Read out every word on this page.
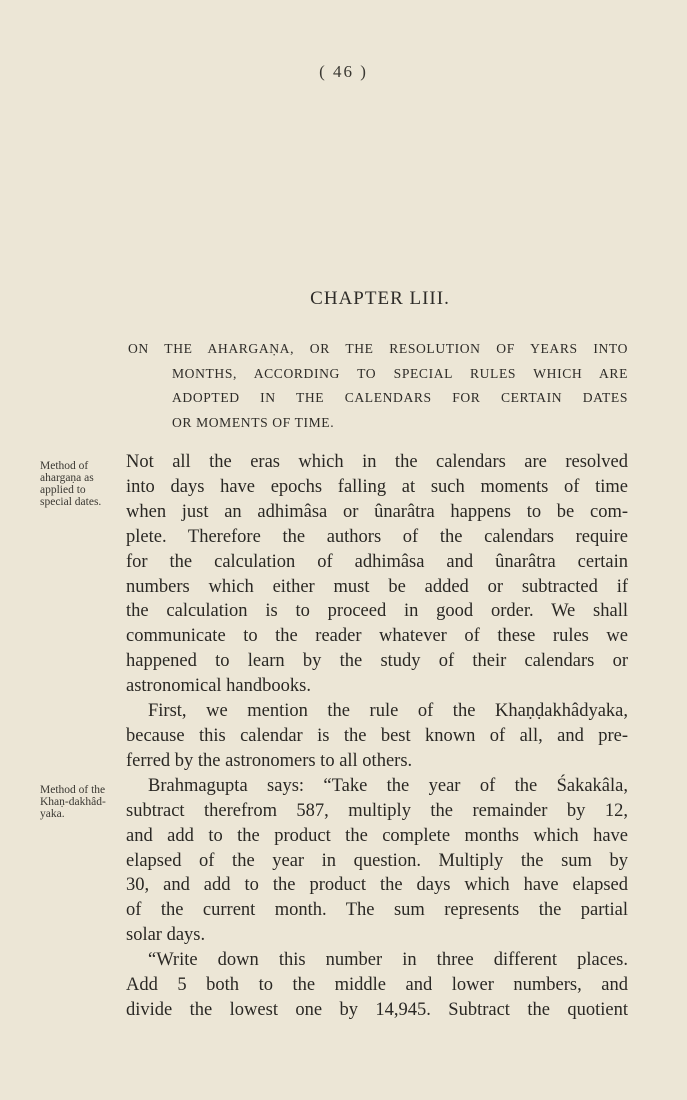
( 46 )
CHAPTER LIII.
ON THE AHARGAṆA, OR THE RESOLUTION OF YEARS INTO
MONTHS, ACCORDING TO SPECIAL RULES WHICH ARE
ADOPTED IN THE CALENDARS FOR CERTAIN DATES
OR MOMENTS OF TIME.
Method of ahargaṇa as applied to special dates.
Method of the Khaṇ-dakhâd-yaka.
Not all the eras which in the calendars are resolved
into days have epochs falling at such moments of time
when just an adhimâsa or ûnarâtra happens to be com-
plete. Therefore the authors of the calendars require
for the calculation of adhimâsa and ûnarâtra certain
numbers which either must be added or subtracted if
the calculation is to proceed in good order. We shall
communicate to the reader whatever of these rules we
happened to learn by the study of their calendars or
astronomical handbooks.
First, we mention the rule of the Khaṇḍakhâdyaka,
because this calendar is the best known of all, and pre-
ferred by the astronomers to all others.
Brahmagupta says: “Take the year of the Śakakâla,
subtract therefrom 587, multiply the remainder by 12,
and add to the product the complete months which have
elapsed of the year in question. Multiply the sum by
30, and add to the product the days which have elapsed
of the current month. The sum represents the partial
solar days.
“Write down this number in three different places.
Add 5 both to the middle and lower numbers, and
divide the lowest one by 14,945. Subtract the quotient
